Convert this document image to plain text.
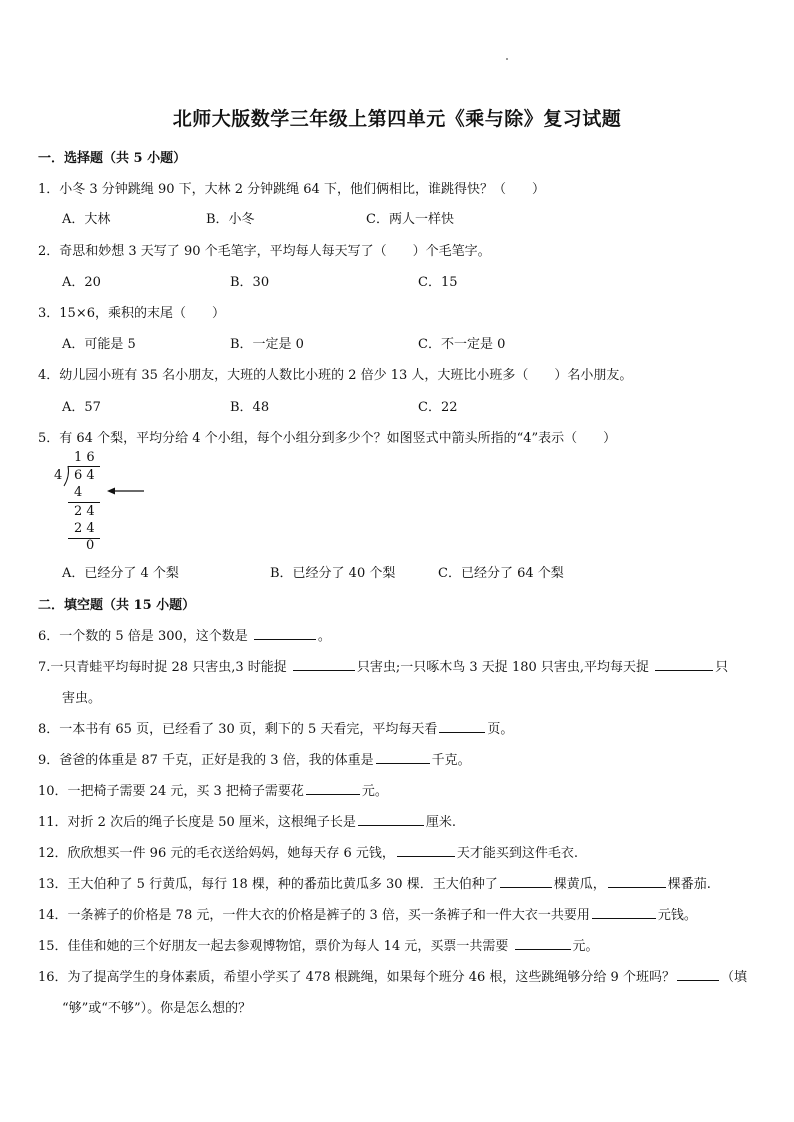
北师大版数学三年级上第四单元《乘与除》复习试题
一．选择题（共 5 小题）
1．小冬 3 分钟跳绳 90 下，大林 2 分钟跳绳 64 下，他们俩相比，谁跳得快？（　　）
A．大林	B．小冬	C．两人一样快
2．奇思和妙想 3 天写了 90 个毛笔字，平均每人每天写了（　　）个毛笔字。
A．20	B．30	C．15
3．15×6，乘积的末尾（　　）
A．可能是 5	B．一定是 0	C．不一定是 0
4．幼儿园小班有 35 名小朋友，大班的人数比小班的 2 倍少 13 人，大班比小班多（　　）名小朋友。
A．57	B．48	C．22
5．有 64 个梨，平均分给 4 个小组，每个小组分到多少个？如图竖式中箭头所指的“4”表示（　　）
1 6
4 6 4
4
2 4
2 4
0
A．已经分了 4 个梨	B．已经分了 40 个梨	C．已经分了 64 个梨
二．填空题（共 15 小题）
6．一个数的 5 倍是 300，这个数是	。
7.一只青蛙平均每时捉 28 只害虫,3 时能捉	只害虫;一只啄木鸟 3 天捉 180 只害虫,平均每天捉	只
害虫。
8．一本书有 65 页，已经看了 30 页，剩下的 5 天看完，平均每天看	页。
9．爸爸的体重是 87 千克，正好是我的 3 倍，我的体重是	千克。
10．一把椅子需要 24 元，买 3 把椅子需要花	元。
11．对折 2 次后的绳子长度是 50 厘米，这根绳子长是	厘米.
12．欣欣想买一件 96 元的毛衣送给妈妈，她每天存 6 元钱，	天才能买到这件毛衣.
13．王大伯种了 5 行黄瓜，每行 18 棵，种的番茄比黄瓜多 30 棵．王大伯种了	棵黄瓜，	棵番茄.
14．一条裤子的价格是 78 元，一件大衣的价格是裤子的 3 倍，买一条裤子和一件大衣一共要用	元钱。
15．佳佳和她的三个好朋友一起去参观博物馆，票价为每人 14 元，买票一共需要	元。
16．为了提高学生的身体素质，希望小学买了 478 根跳绳，如果每个班分 46 根，这些跳绳够分给 9 个班吗？	（填
“够”或“不够”）。你是怎么想的？
